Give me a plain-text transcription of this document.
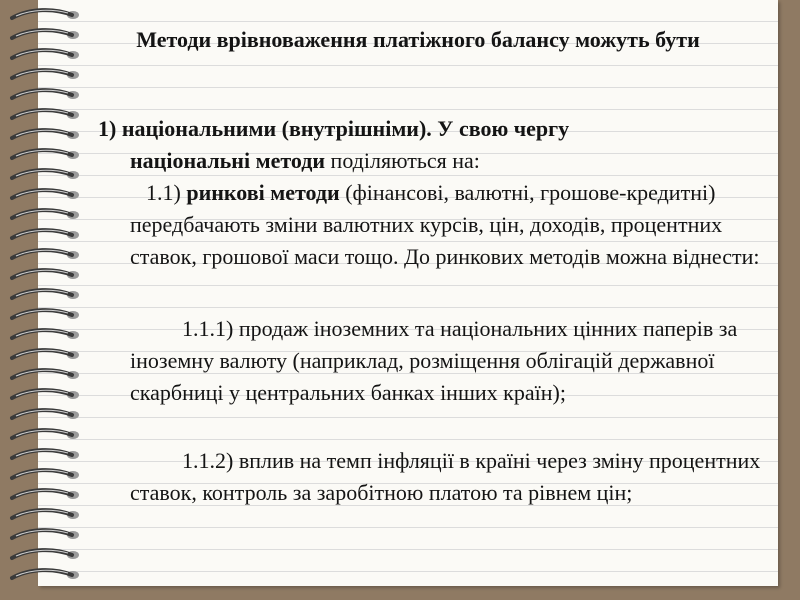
Методи врівноваження платіжного балансу можуть бути

1) національними (внутрішніми). У свою чергу
національні методи поділяються на:

1.1) ринкові методи (фінансові, валютні, грошове-кредитні) передбачають зміни валютних курсів, цін, доходів, процентних ставок, грошової маси тощо. До ринкових методів можна віднести:

1.1.1) продаж іноземних та національних цінних паперів за іноземну валюту (наприклад, розміщення облігацій державної скарбниці у центральних банках інших країн);

1.1.2) вплив на темп інфляції в країні через зміну процентних ставок, контроль за заробітною платою та рівнем цін;
